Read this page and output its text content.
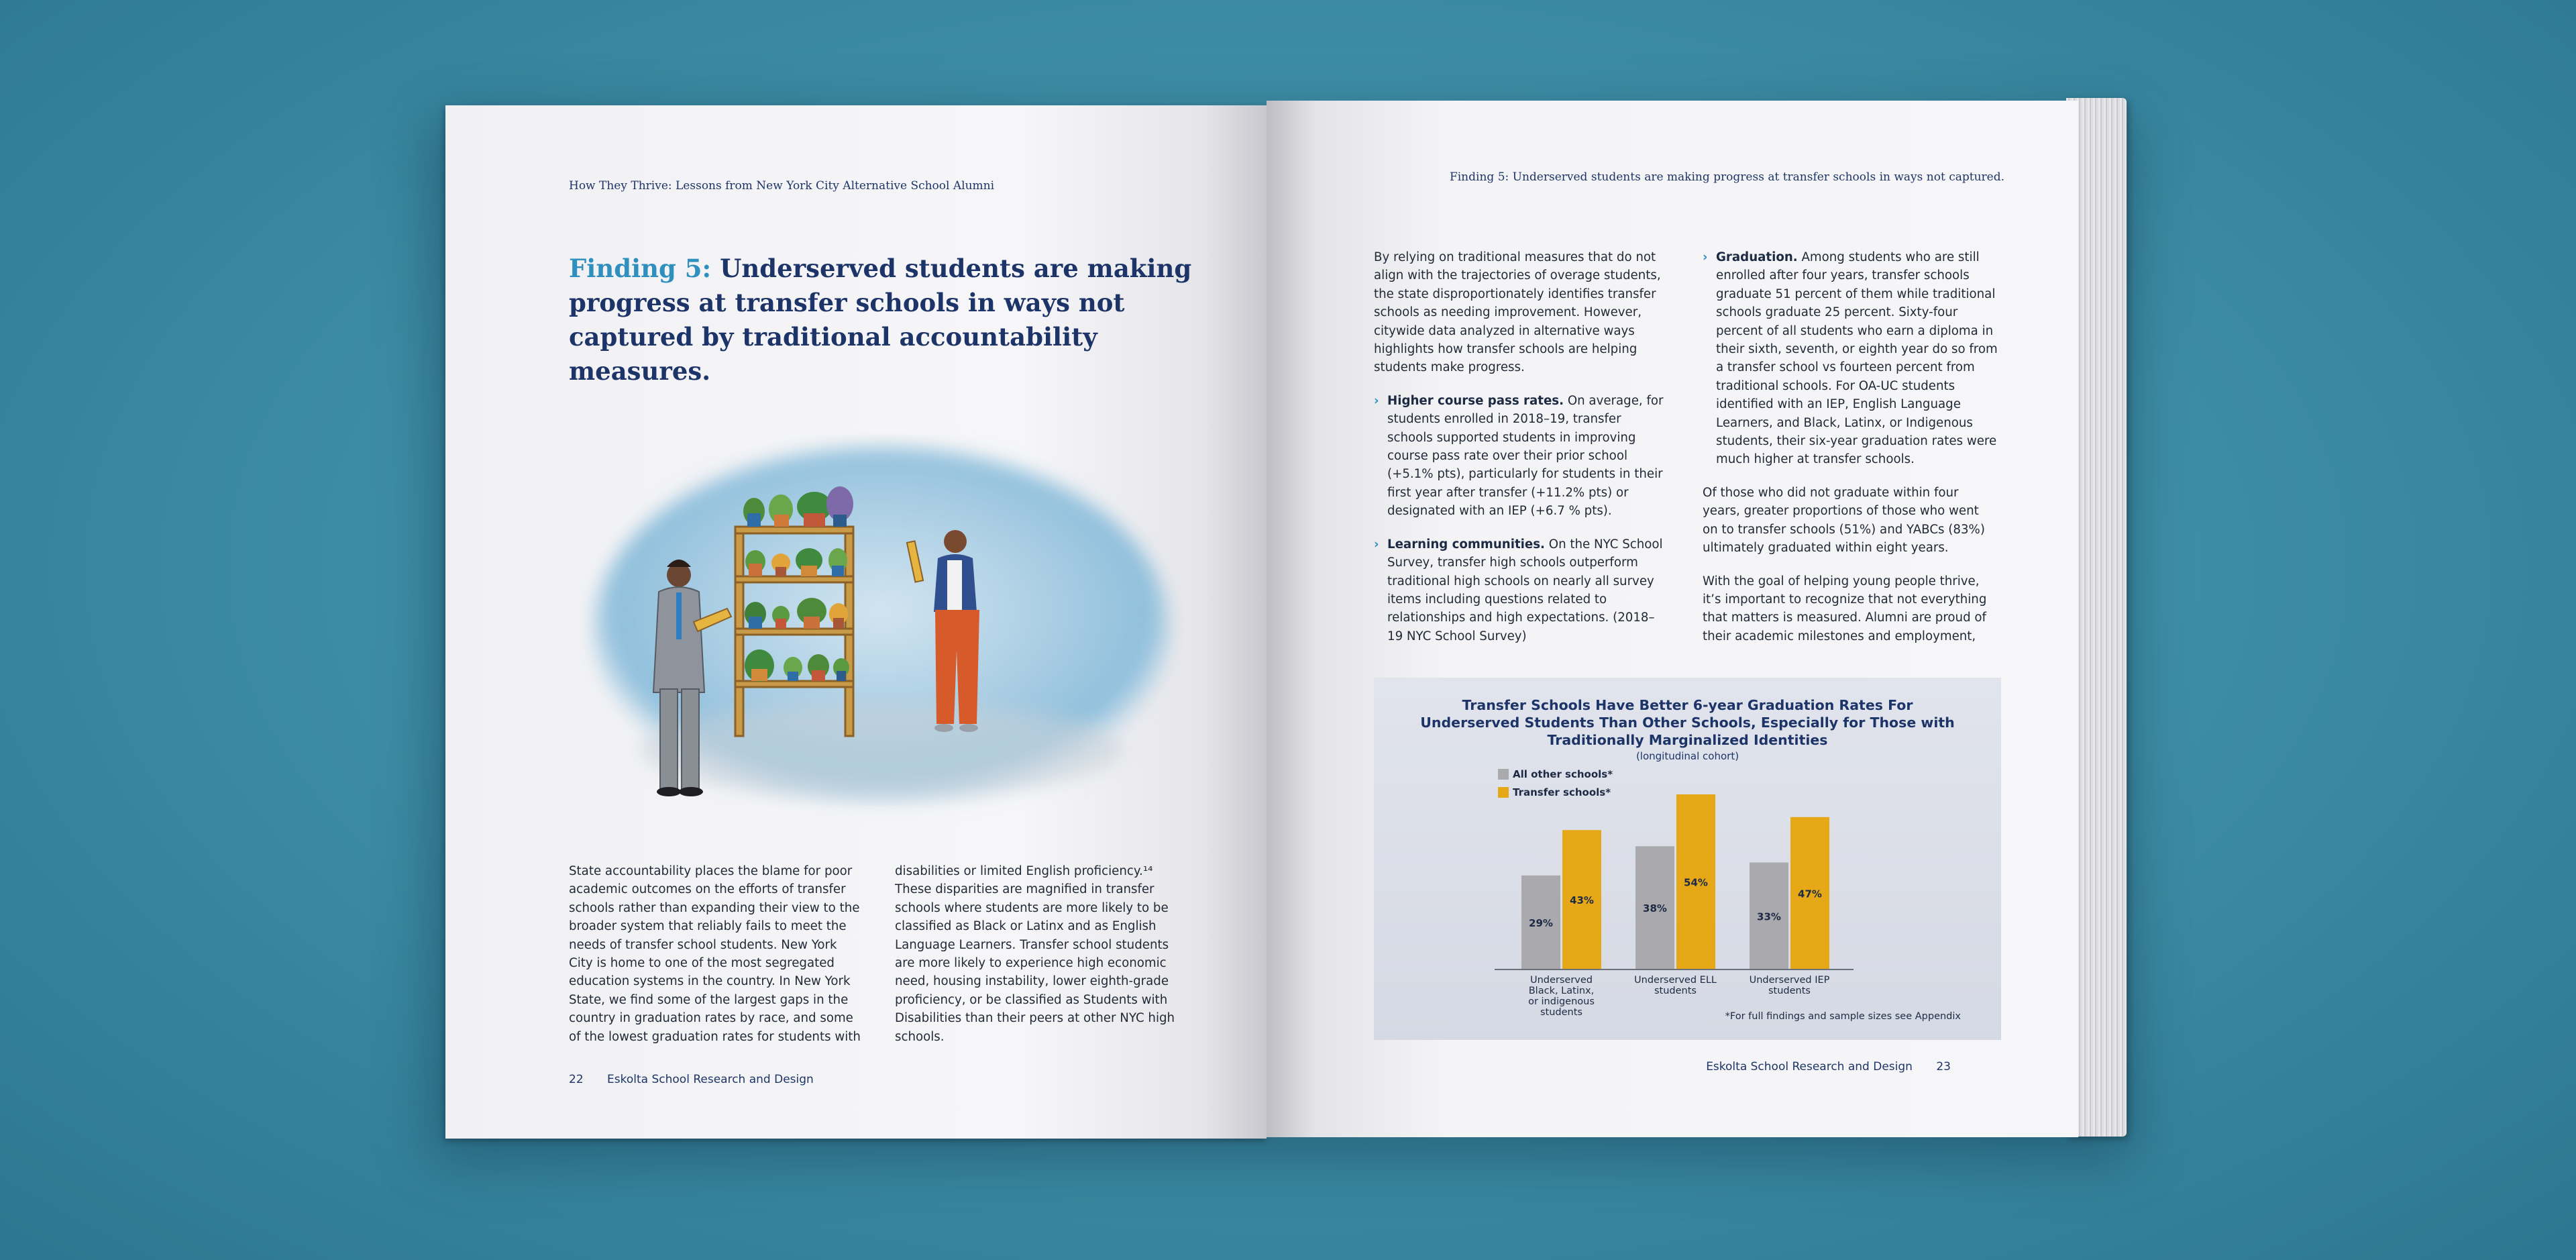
How They Thrive: Lessons from New York City Alternative School Alumni
Finding 5: Underserved students are making progress at transfer schools in ways not captured by traditional accountability measures.
State accountability places the blame for poor academic outcomes on the efforts of transfer schools rather than expanding their view to the broader system that reliably fails to meet the needs of transfer school students. New York City is home to one of the most segregated education systems in the country. In New York State, we find some of the largest gaps in the country in graduation rates by race, and some of the lowest graduation rates for students with
disabilities or limited English proficiency.¹⁴ These disparities are magnified in transfer schools where students are more likely to be classified as Black or Latinx and as English Language Learners. Transfer school students are more likely to experience high economic need, housing instability, lower eighth-grade proficiency, or be classified as Students with Disabilities than their peers at other NYC high schools.
22 Eskolta School Research and Design
Finding 5: Underserved students are making progress at transfer schools in ways not captured.

By relying on traditional measures that do not align with the trajectories of overage students, the state disproportionately identifies transfer schools as needing improvement. However, citywide data analyzed in alternative ways highlights how transfer schools are helping students make progress.

› Higher course pass rates. On average, for students enrolled in 2018–19, transfer schools supported students in improving course pass rate over their prior school (+5.1% pts), particularly for students in their first year after transfer (+11.2% pts) or designated with an IEP (+6.7 % pts).
› Learning communities. On the NYC School Survey, transfer high schools outperform traditional high schools on nearly all survey items including questions related to relationships and high expectations. (2018–19 NYC School Survey)
› Graduation. Among students who are still enrolled after four years, transfer schools graduate 51 percent of them while traditional schools graduate 25 percent. Sixty-four percent of all students who earn a diploma in their sixth, seventh, or eighth year do so from a transfer school vs fourteen percent from traditional schools. For OA-UC students identified with an IEP, English Language Learners, and Black, Latinx, or Indigenous students, their six-year graduation rates were much higher at transfer schools.

Of those who did not graduate within four years, greater proportions of those who went on to transfer schools (51%) and YABCs (83%) ultimately graduated within eight years.

With the goal of helping young people thrive, it’s important to recognize that not everything that matters is measured. Alumni are proud of their academic milestones and employment,

Transfer Schools Have Better 6-year Graduation Rates For Underserved Students Than Other Schools, Especially for Those with Traditionally Marginalized Identities
(longitudinal cohort)
All other schools*
Transfer schools*
29%
43%
Underserved
Black, Latinx,
or indigenous
students
38%
54%
Underserved ELL
students
33%
47%
Underserved IEP
students
*For full findings and sample sizes see Appendix
Eskolta School Research and Design 23
